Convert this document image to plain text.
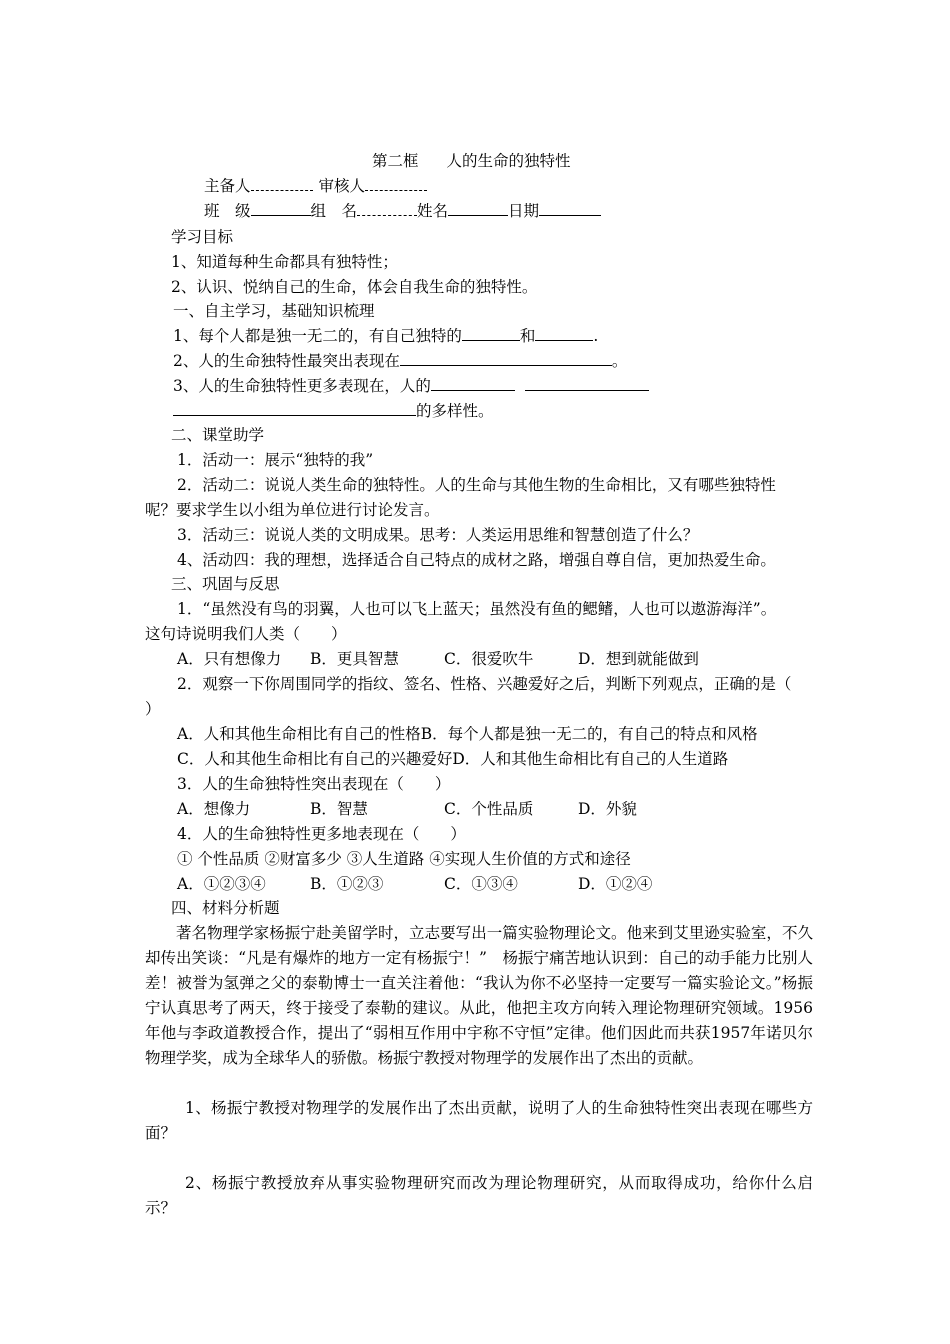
第二框 人的生命的独特性
主备人	审核人
班　级	组　名	姓名	日期
学习目标
1、知道每种生命都具有独特性；
2、认识、悦纳自己的生命，体会自我生命的独特性。
一、自主学习，基础知识梳理
1、每个人都是独一无二的，有自己独特的	和	.
2、人的生命独特性最突出表现在	。
3、人的生命独特性更多表现在，人的
的多样性。
二、课堂助学
1．活动一：展示“独特的我”
2．活动二：说说人类生命的独特性。人的生命与其他生物的生命相比，又有哪些独特性
呢？要求学生以小组为单位进行讨论发言。
3．活动三：说说人类的文明成果。思考：人类运用思维和智慧创造了什么？
4、活动四：我的理想，选择适合自己特点的成材之路，增强自尊自信，更加热爱生命。
三、巩固与反思
1．“虽然没有鸟的羽翼，人也可以飞上蓝天；虽然没有鱼的鳃鳍，人也可以遨游海洋”。
这句诗说明我们人类（　　）
A．只有想像力 B．更具智慧	C．很爱吹牛	D．想到就能做到
2．观察一下你周围同学的指纹、签名、性格、兴趣爱好之后，判断下列观点，正确的是（
）
A．人和其他生命相比有自己的性格B．每个人都是独一无二的，有自己的特点和风格
C．人和其他生命相比有自己的兴趣爱好D．人和其他生命相比有自己的人生道路
3．人的生命独特性突出表现在（　　）
A．想像力	B．智慧	C．个性品质	D．外貌
4．人的生命独特性更多地表现在（　　）
① 个性品质 ②财富多少 ③人生道路 ④实现人生价值的方式和途径
A．①②③④	B．①②③	C．①③④	D．①②④
四、材料分析题
著名物理学家杨振宁赴美留学时，立志要写出一篇实验物理论文。他来到艾里逊实验室，不久却传出笑谈：“凡是有爆炸的地方一定有杨振宁！”　杨振宁痛苦地认识到：自己的动手能力比别人差！被誉为氢弹之父的泰勒博士一直关注着他：“我认为你不必坚持一定要写一篇实验论文。”杨振宁认真思考了两天，终于接受了泰勒的建议。从此，他把主攻方向转入理论物理研究领域。1956年他与李政道教授合作，提出了“弱相互作用中宇称不守恒”定律。他们因此而共获1957年诺贝尔物理学奖，成为全球华人的骄傲。杨振宁教授对物理学的发展作出了杰出的贡献。
1、杨振宁教授对物理学的发展作出了杰出贡献，说明了人的生命独特性突出表现在哪些方面？
2、杨振宁教授放弃从事实验物理研究而改为理论物理研究，从而取得成功，给你什么启示？
